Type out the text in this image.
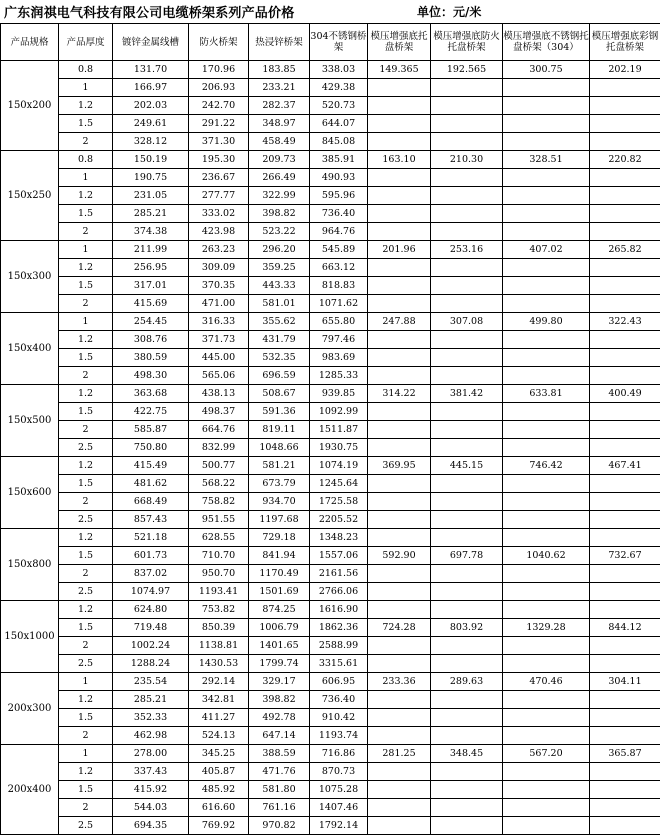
广东润祺电气科技有限公司电缆桥架系列产品价格	单位：元/米
产品规格	产品厚度	镀锌金属线槽	防火桥架	热浸锌桥架	304不锈钢桥架	模压增强底托盘桥架	模压增强底防火托盘桥架	模压增强底不锈钢托盘桥架（304）	模压增强底彩钢托盘桥架
150x200	0.8	131.70	170.96	183.85	338.03	149.365	192.565	300.75	202.19
	1	166.97	206.93	233.21	429.38				
	1.2	202.03	242.70	282.37	520.73				
	1.5	249.61	291.22	348.97	644.07				
	2	328.12	371.30	458.49	845.08				
150x250	0.8	150.19	195.30	209.73	385.91	163.10	210.30	328.51	220.82
	1	190.75	236.67	266.49	490.93				
	1.2	231.05	277.77	322.99	595.96				
	1.5	285.21	333.02	398.82	736.40				
	2	374.38	423.98	523.22	964.76				
150x300	1	211.99	263.23	296.20	545.89	201.96	253.16	407.02	265.82
	1.2	256.95	309.09	359.25	663.12				
	1.5	317.01	370.35	443.33	818.83				
	2	415.69	471.00	581.01	1071.62				
150x400	1	254.45	316.33	355.62	655.80	247.88	307.08	499.80	322.43
	1.2	308.76	371.73	431.79	797.46				
	1.5	380.59	445.00	532.35	983.69				
	2	498.30	565.06	696.59	1285.33				
150x500	1.2	363.68	438.13	508.67	939.85	314.22	381.42	633.81	400.49
	1.5	422.75	498.37	591.36	1092.99				
	2	585.87	664.76	819.11	1511.87				
	2.5	750.80	832.99	1048.66	1930.75				
150x600	1.2	415.49	500.77	581.21	1074.19	369.95	445.15	746.42	467.41
	1.5	481.62	568.22	673.79	1245.64				
	2	668.49	758.82	934.70	1725.58				
	2.5	857.43	951.55	1197.68	2205.52				
150x800	1.2	521.18	628.55	729.18	1348.23				
	1.5	601.73	710.70	841.94	1557.06	592.90	697.78	1040.62	732.67
	2	837.02	950.70	1170.49	2161.56				
	2.5	1074.97	1193.41	1501.69	2766.06				
150x1000	1.2	624.80	753.82	874.25	1616.90				
	1.5	719.48	850.39	1006.79	1862.36	724.28	803.92	1329.28	844.12
	2	1002.24	1138.81	1401.65	2588.99				
	2.5	1288.24	1430.53	1799.74	3315.61				
200x300	1	235.54	292.14	329.17	606.95	233.36	289.63	470.46	304.11
	1.2	285.21	342.81	398.82	736.40				
	1.5	352.33	411.27	492.78	910.42				
	2	462.98	524.13	647.14	1193.74				
200x400	1	278.00	345.25	388.59	716.86	281.25	348.45	567.20	365.87
	1.2	337.43	405.87	471.76	870.73				
	1.5	415.92	485.92	581.80	1075.28				
	2	544.03	616.60	761.16	1407.46				
	2.5	694.35	769.92	970.82	1792.14				
